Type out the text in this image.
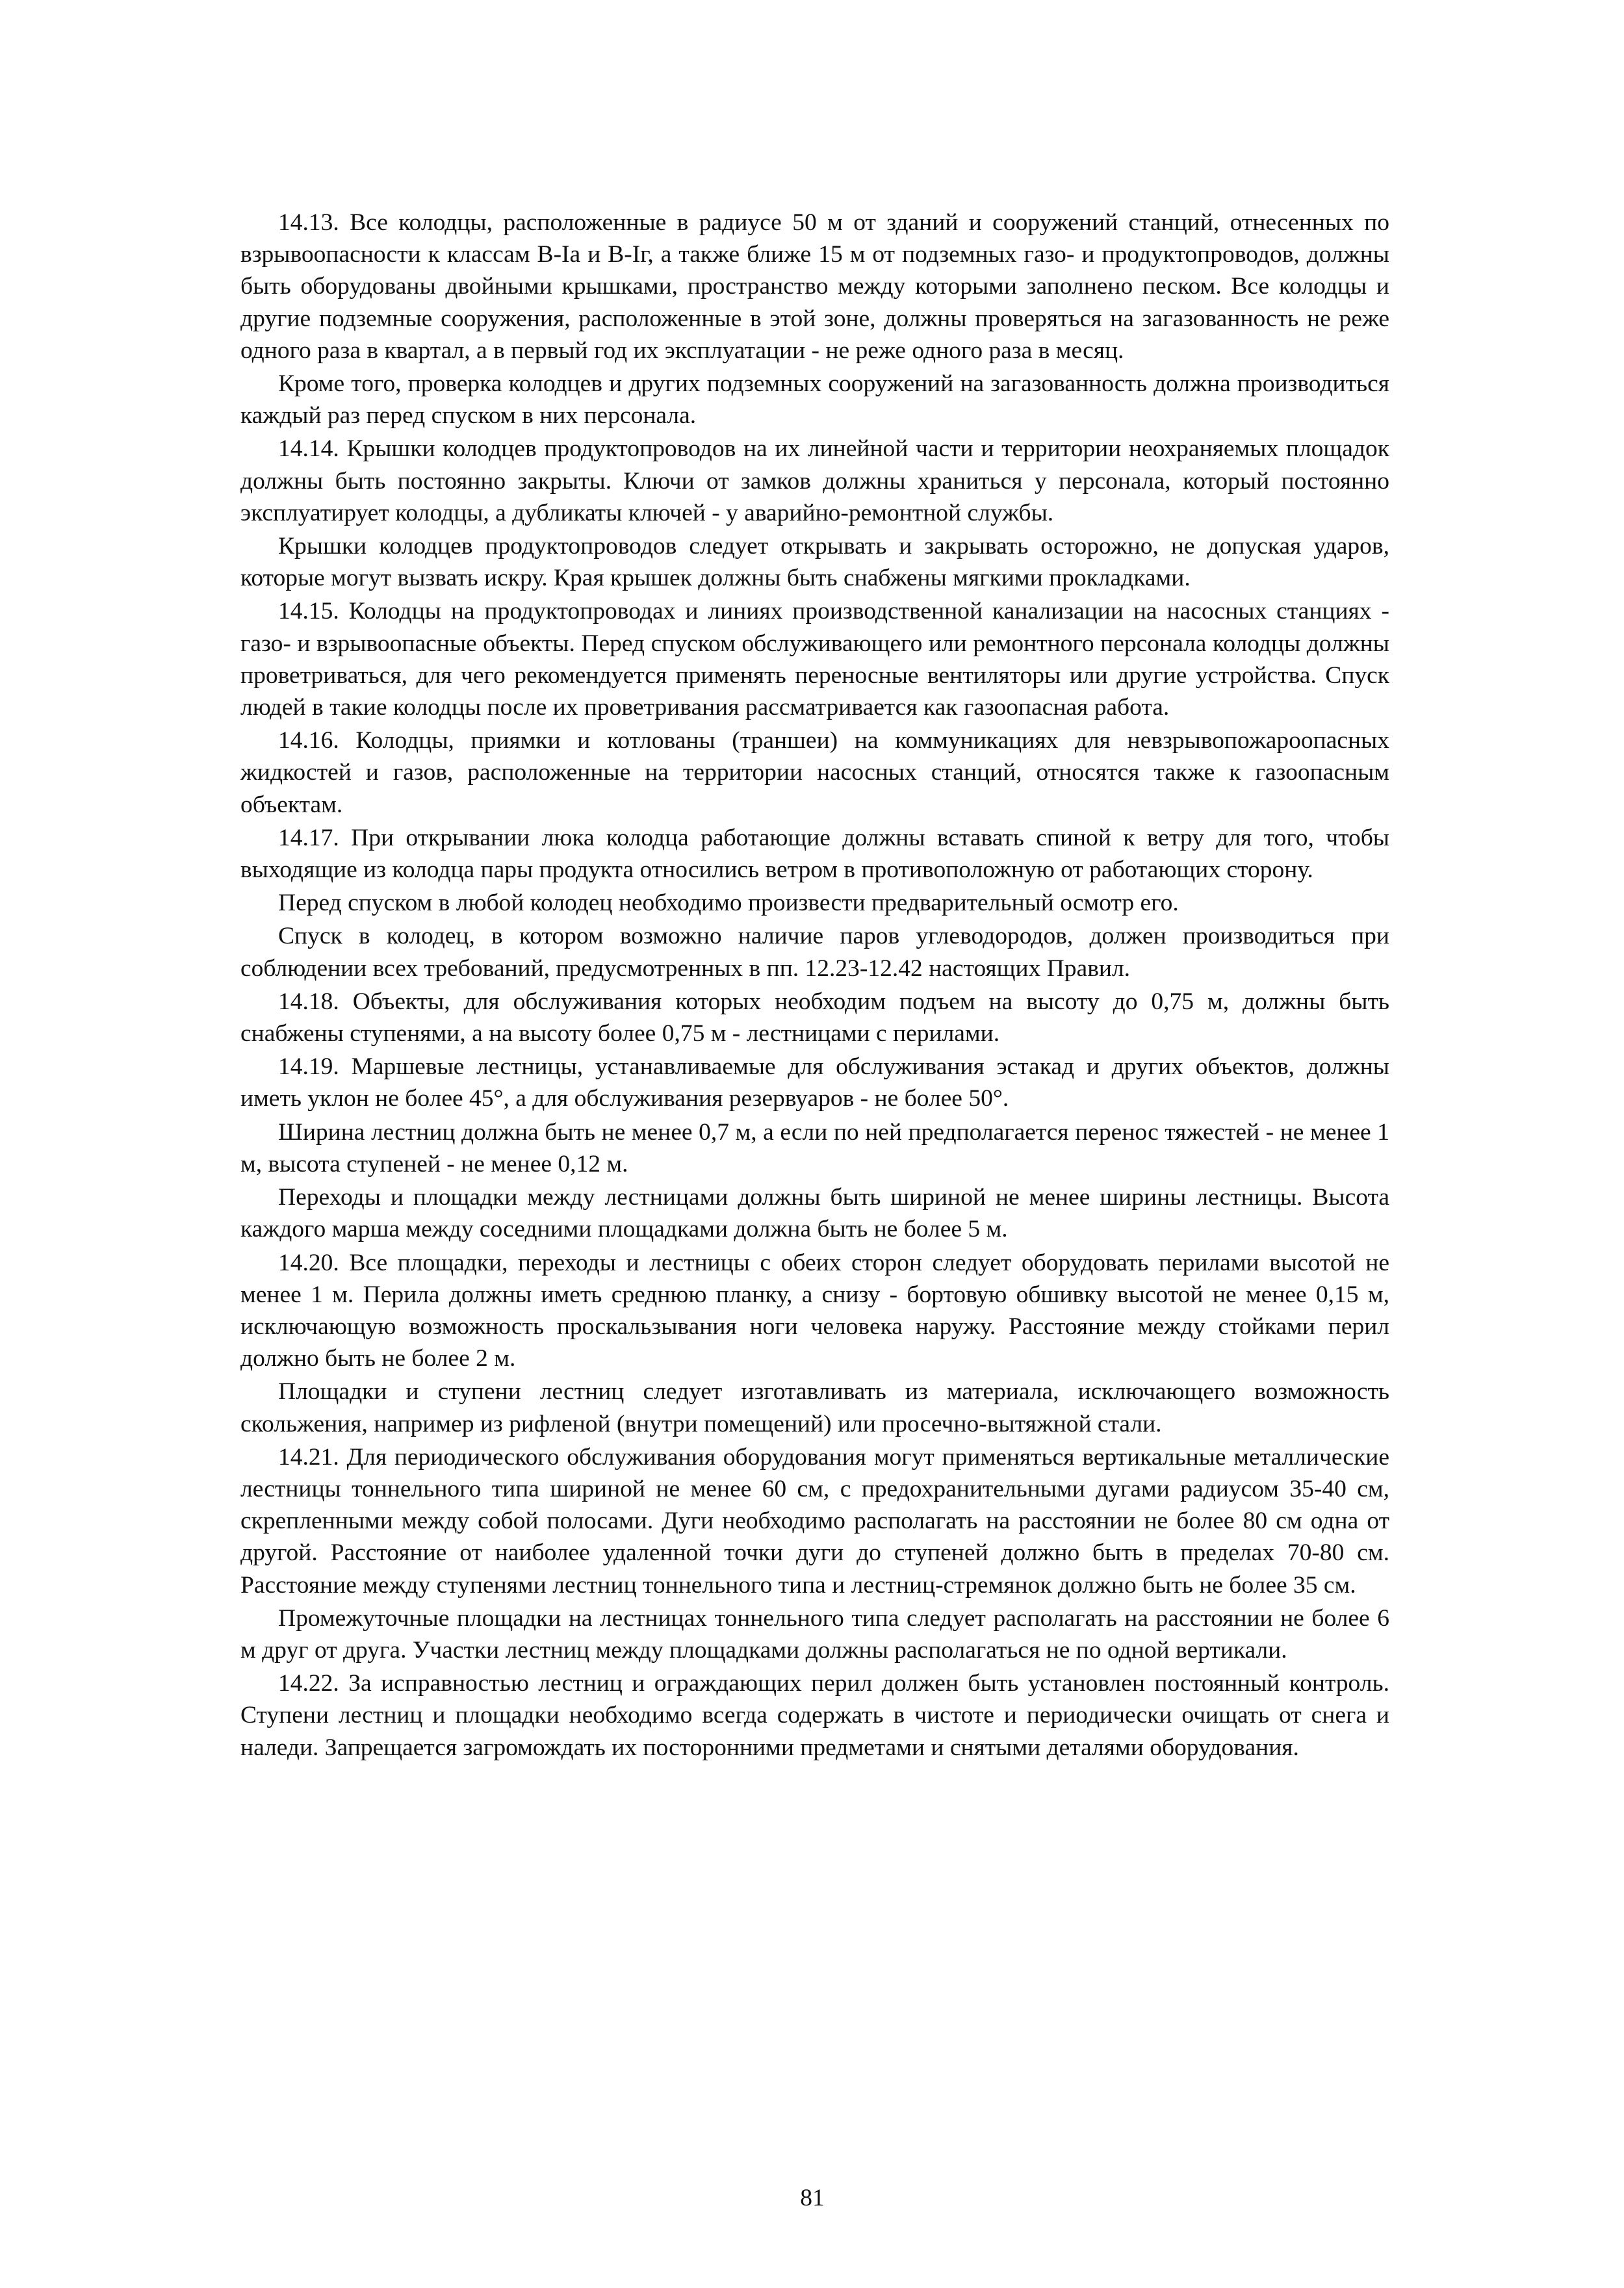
14.13. Все колодцы, расположенные в радиусе 50 м от зданий и сооружений станций, отнесенных по взрывоопасности к классам В-Iа и В-Iг, а также ближе 15 м от подземных газо- и продуктопроводов, должны быть оборудованы двойными крышками, пространство между которыми заполнено песком. Все колодцы и другие подземные сооружения, расположенные в этой зоне, должны проверяться на загазованность не реже одного раза в квартал, а в первый год их эксплуатации - не реже одного раза в месяц.

Кроме того, проверка колодцев и других подземных сооружений на загазованность должна производиться каждый раз перед спуском в них персонала.

14.14. Крышки колодцев продуктопроводов на их линейной части и территории неохраняемых площадок должны быть постоянно закрыты. Ключи от замков должны храниться у персонала, который постоянно эксплуатирует колодцы, а дубликаты ключей - у аварийно-ремонтной службы.

Крышки колодцев продуктопроводов следует открывать и закрывать осторожно, не допуская ударов, которые могут вызвать искру. Края крышек должны быть снабжены мягкими прокладками.

14.15. Колодцы на продуктопроводах и линиях производственной канализации на насосных станциях - газо- и взрывоопасные объекты. Перед спуском обслуживающего или ремонтного персонала колодцы должны проветриваться, для чего рекомендуется применять переносные вентиляторы или другие устройства. Спуск людей в такие колодцы после их проветривания рассматривается как газоопасная работа.

14.16. Колодцы, приямки и котлованы (траншеи) на коммуникациях для невзрывопожароопасных жидкостей и газов, расположенные на территории насосных станций, относятся также к газоопасным объектам.

14.17. При открывании люка колодца работающие должны вставать спиной к ветру для того, чтобы выходящие из колодца пары продукта относились ветром в противоположную от работающих сторону.

Перед спуском в любой колодец необходимо произвести предварительный осмотр его.

Спуск в колодец, в котором возможно наличие паров углеводородов, должен производиться при соблюдении всех требований, предусмотренных в пп. 12.23-12.42 настоящих Правил.

14.18. Объекты, для обслуживания которых необходим подъем на высоту до 0,75 м, должны быть снабжены ступенями, а на высоту более 0,75 м - лестницами с перилами.

14.19. Маршевые лестницы, устанавливаемые для обслуживания эстакад и других объектов, должны иметь уклон не более 45°, а для обслуживания резервуаров - не более 50°.

Ширина лестниц должна быть не менее 0,7 м, а если по ней предполагается перенос тяжестей - не менее 1 м, высота ступеней - не менее 0,12 м.

Переходы и площадки между лестницами должны быть шириной не менее ширины лестницы. Высота каждого марша между соседними площадками должна быть не более 5 м.

14.20. Все площадки, переходы и лестницы с обеих сторон следует оборудовать перилами высотой не менее 1 м. Перила должны иметь среднюю планку, а снизу - бортовую обшивку высотой не менее 0,15 м, исключающую возможность проскальзывания ноги человека наружу. Расстояние между стойками перил должно быть не более 2 м.

Площадки и ступени лестниц следует изготавливать из материала, исключающего возможность скольжения, например из рифленой (внутри помещений) или просечно-вытяжной стали.

14.21. Для периодического обслуживания оборудования могут применяться вертикальные металлические лестницы тоннельного типа шириной не менее 60 см, с предохранительными дугами радиусом 35-40 см, скрепленными между собой полосами. Дуги необходимо располагать на расстоянии не более 80 см одна от другой. Расстояние от наиболее удаленной точки дуги до ступеней должно быть в пределах 70-80 см. Расстояние между ступенями лестниц тоннельного типа и лестниц-стремянок должно быть не более 35 см.

Промежуточные площадки на лестницах тоннельного типа следует располагать на расстоянии не более 6 м друг от друга. Участки лестниц между площадками должны располагаться не по одной вертикали.

14.22. За исправностью лестниц и ограждающих перил должен быть установлен постоянный контроль. Ступени лестниц и площадки необходимо всегда содержать в чистоте и периодически очищать от снега и наледи. Запрещается загромождать их посторонними предметами и снятыми деталями оборудования.

81
